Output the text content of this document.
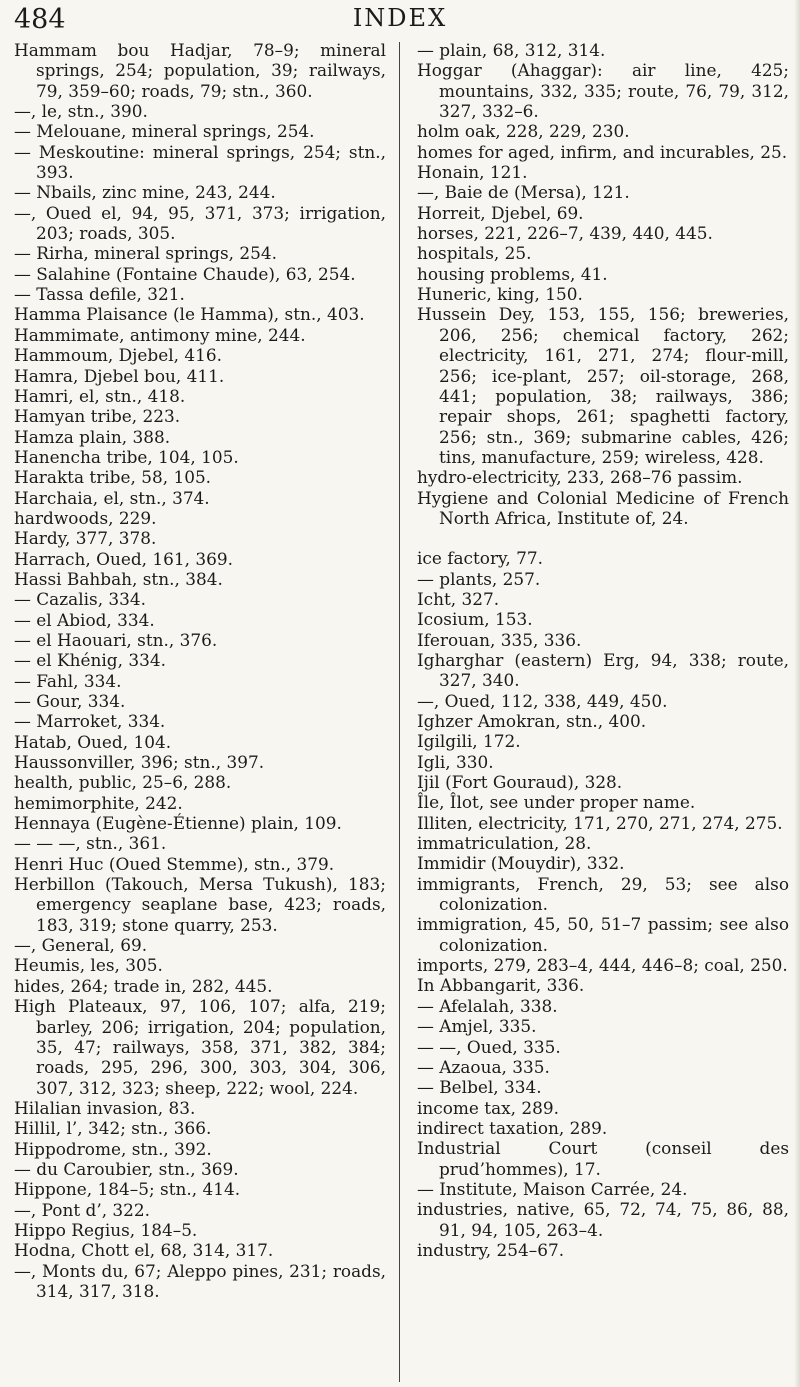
484	INDEX
Hammam bou Hadjar, 78–9; mineral springs, 254; population, 39; railways, 79, 359–60; roads, 79; stn., 360.
—, le, stn., 390.
— Melouane, mineral springs, 254.
— Meskoutine: mineral springs, 254; stn., 393.
— Nbails, zinc mine, 243, 244.
—, Oued el, 94, 95, 371, 373; irrigation, 203; roads, 305.
— Rirha, mineral springs, 254.
— Salahine (Fontaine Chaude), 63, 254.
— Tassa defile, 321.
Hamma Plaisance (le Hamma), stn., 403.
Hammimate, antimony mine, 244.
Hammoum, Djebel, 416.
Hamra, Djebel bou, 411.
Hamri, el, stn., 418.
Hamyan tribe, 223.
Hamza plain, 388.
Hanencha tribe, 104, 105.
Harakta tribe, 58, 105.
Harchaia, el, stn., 374.
hardwoods, 229.
Hardy, 377, 378.
Harrach, Oued, 161, 369.
Hassi Bahbah, stn., 384.
— Cazalis, 334.
— el Abiod, 334.
— el Haouari, stn., 376.
— el Khénig, 334.
— Fahl, 334.
— Gour, 334.
— Marroket, 334.
Hatab, Oued, 104.
Haussonviller, 396; stn., 397.
health, public, 25–6, 288.
hemimorphite, 242.
Hennaya (Eugène-Étienne) plain, 109.
— — —, stn., 361.
Henri Huc (Oued Stemme), stn., 379.
Herbillon (Takouch, Mersa Tukush), 183; emergency seaplane base, 423; roads, 183, 319; stone quarry, 253.
—, General, 69.
Heumis, les, 305.
hides, 264; trade in, 282, 445.
High Plateaux, 97, 106, 107; alfa, 219; barley, 206; irrigation, 204; population, 35, 47; railways, 358, 371, 382, 384; roads, 295, 296, 300, 303, 304, 306, 307, 312, 323; sheep, 222; wool, 224.
Hilalian invasion, 83.
Hillil, l’, 342; stn., 366.
Hippodrome, stn., 392.
— du Caroubier, stn., 369.
Hippone, 184–5; stn., 414.
—, Pont d’, 322.
Hippo Regius, 184–5.
Hodna, Chott el, 68, 314, 317.
—, Monts du, 67; Aleppo pines, 231; roads, 314, 317, 318.
— plain, 68, 312, 314.
Hoggar (Ahaggar): air line, 425; mountains, 332, 335; route, 76, 79, 312, 327, 332–6.
holm oak, 228, 229, 230.
homes for aged, infirm, and incurables, 25.
Honain, 121.
—, Baie de (Mersa), 121.
Horreit, Djebel, 69.
horses, 221, 226–7, 439, 440, 445.
hospitals, 25.
housing problems, 41.
Huneric, king, 150.
Hussein Dey, 153, 155, 156; breweries, 206, 256; chemical factory, 262; electricity, 161, 271, 274; flour-mill, 256; ice-plant, 257; oil-storage, 268, 441; population, 38; railways, 386; repair shops, 261; spaghetti factory, 256; stn., 369; submarine cables, 426; tins, manufacture, 259; wireless, 428.
hydro-electricity, 233, 268–76 passim.
Hygiene and Colonial Medicine of French North Africa, Institute of, 24.
ice factory, 77.
— plants, 257.
Icht, 327.
Icosium, 153.
Iferouan, 335, 336.
Igharghar (eastern) Erg, 94, 338; route, 327, 340.
—, Oued, 112, 338, 449, 450.
Ighzer Amokran, stn., 400.
Igilgili, 172.
Igli, 330.
Ijil (Fort Gouraud), 328.
Île, Îlot, see under proper name.
Illiten, electricity, 171, 270, 271, 274, 275.
immatriculation, 28.
Immidir (Mouydir), 332.
immigrants, French, 29, 53; see also colonization.
immigration, 45, 50, 51–7 passim; see also colonization.
imports, 279, 283–4, 444, 446–8; coal, 250.
In Abbangarit, 336.
— Afelalah, 338.
— Amjel, 335.
— —, Oued, 335.
— Azaoua, 335.
— Belbel, 334.
income tax, 289.
indirect taxation, 289.
Industrial Court (conseil des prud’hommes), 17.
— Institute, Maison Carrée, 24.
industries, native, 65, 72, 74, 75, 86, 88, 91, 94, 105, 263–4.
industry, 254–67.
